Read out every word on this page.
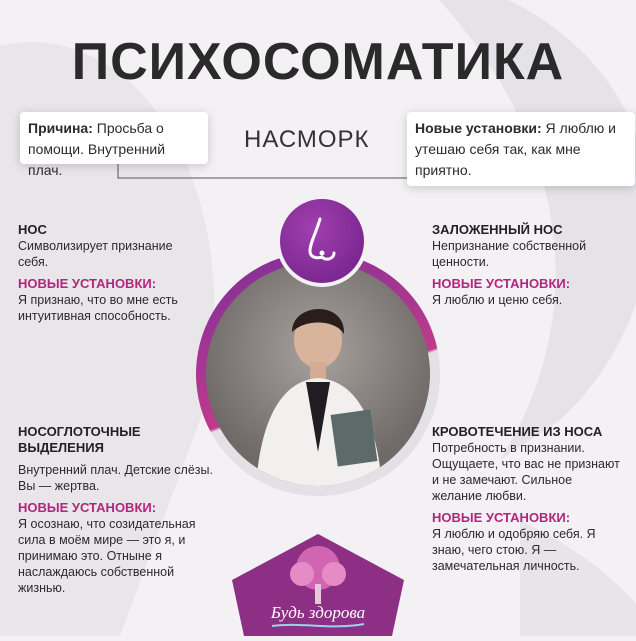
ПСИХОСОМАТИКА
Причина: Просьба о помощи. Внутренний плач.
НАСМОРК	Новые установки: Я люблю и утешаю себя так, как мне приятно.

НОС

Символизирует признание себя.

НОВЫЕ УСТАНОВКИ:

Я признаю, что во мне есть интуитивная способность.

ЗАЛОЖЕННЫЙ НОС

Непризнание собственной ценности.

НОВЫЕ УСТАНОВКИ:

Я люблю и ценю себя.

НОСОГЛОТОЧНЫЕ ВЫДЕЛЕНИЯ

Внутренний плач. Детские слёзы. Вы — жертва.

НОВЫЕ УСТАНОВКИ:

Я осознаю, что созидательная сила в моём мире — это я, и принимаю это. Отныне я наслаждаюсь собственной жизнью.

КРОВОТЕЧЕНИЕ ИЗ НОСА

Потребность в признании. Ощущаете, что вас не признают и не замечают. Сильное желание любви.

НОВЫЕ УСТАНОВКИ:

Я люблю и одобряю себя. Я знаю, чего стою. Я — замечательная личность.

Будь здорова
